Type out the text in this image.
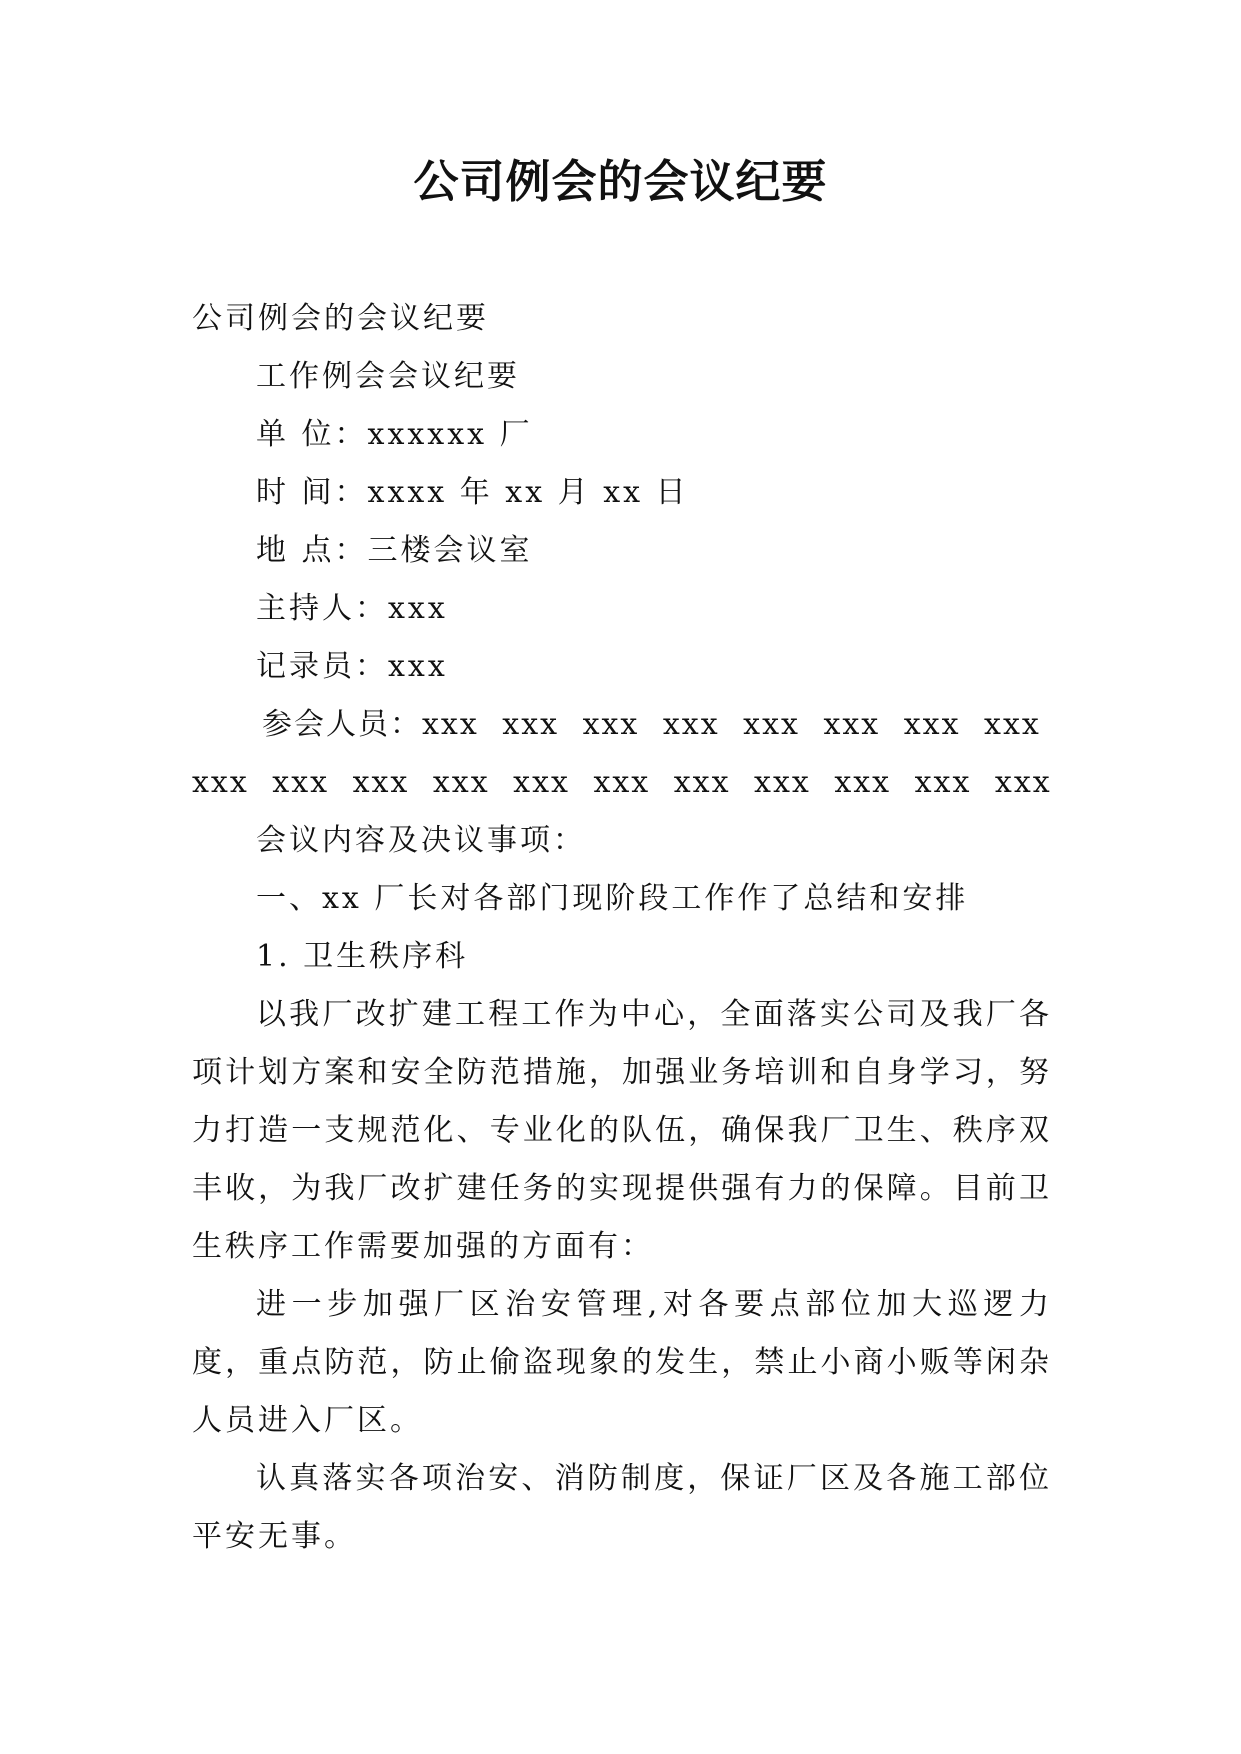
公司例会的会议纪要

公司例会的会议纪要

工作例会会议纪要

单 位：xxxxxx 厂

时 间：xxxx 年 xx 月 xx 日

地 点：三楼会议室

主持人：xxx

记录员：xxx

参会人员：xxx xxx xxx xxx xxx xxx xxx xxx xxx xxx xxx xxx xxx xxx xxx xxx xxx xxx xxx

会议内容及决议事项：

一、xx 厂长对各部门现阶段工作作了总结和安排

1. 卫生秩序科

以我厂改扩建工程工作为中心，全面落实公司及我厂各项计划方案和安全防范措施，加强业务培训和自身学习，努力打造一支规范化、专业化的队伍，确保我厂卫生、秩序双丰收，为我厂改扩建任务的实现提供强有力的保障。目前卫生秩序工作需要加强的方面有：

进一步加强厂区治安管理,对各要点部位加大巡逻力度，重点防范，防止偷盗现象的发生，禁止小商小贩等闲杂人员进入厂区。

认真落实各项治安、消防制度，保证厂区及各施工部位平安无事。
